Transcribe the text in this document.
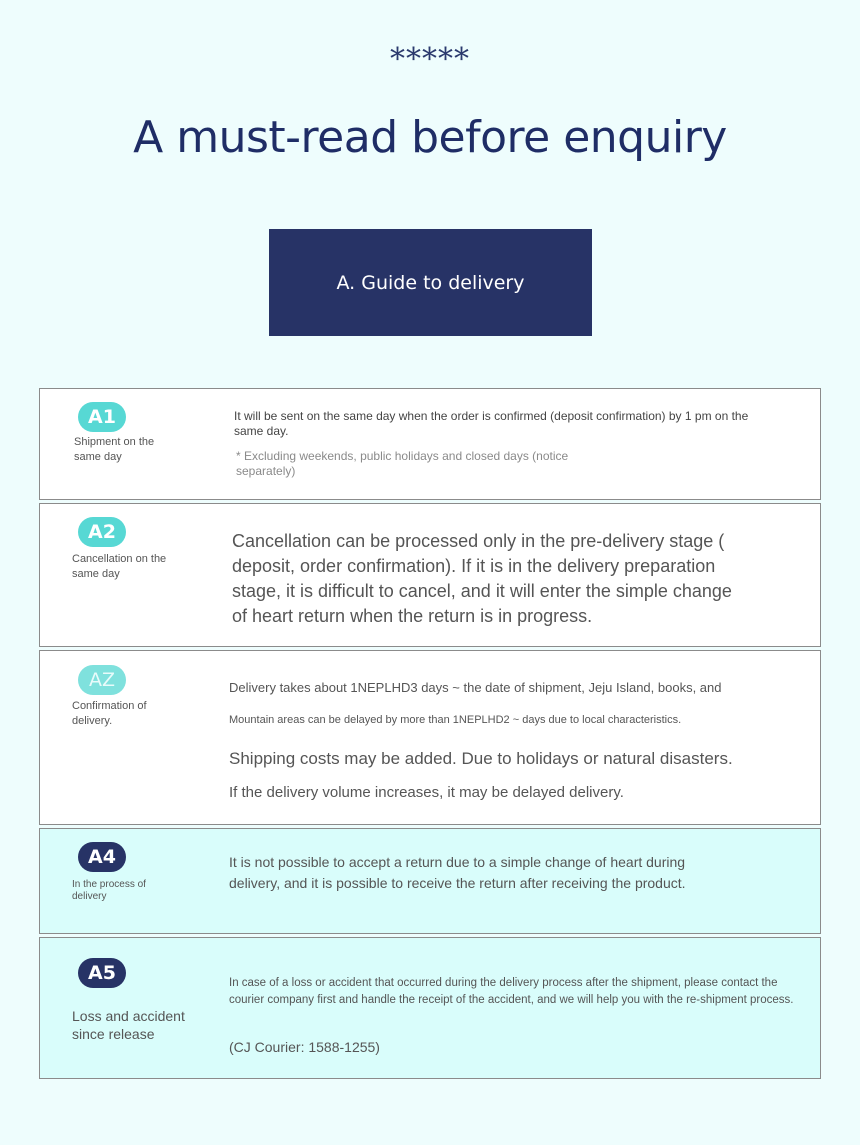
*****
A must-read before enquiry
A. Guide to delivery
A1
Shipment on the same day
It will be sent on the same day when the order is confirmed (deposit confirmation) by 1 pm on the same day.
* Excluding weekends, public holidays and closed days (notice separately)
A2
Cancellation on the same day
Cancellation can be processed only in the pre-delivery stage ( deposit, order confirmation). If it is in the delivery preparation stage, it is difficult to cancel, and it will enter the simple change of heart return when the return is in progress.
AZ
Confirmation of delivery.
Delivery takes about 1NEPLHD3 days ~ the date of shipment, Jeju Island, books, and
Mountain areas can be delayed by more than 1NEPLHD2 ~ days due to local characteristics.
Shipping costs may be added. Due to holidays or natural disasters.
If the delivery volume increases, it may be delayed delivery.
A4
In the process of delivery
It is not possible to accept a return due to a simple change of heart during delivery, and it is possible to receive the return after receiving the product.
A5
Loss and accident since release
In case of a loss or accident that occurred during the delivery process after the shipment, please contact the courier company first and handle the receipt of the accident, and we will help you with the re-shipment process.
(CJ Courier: 1588-1255)
